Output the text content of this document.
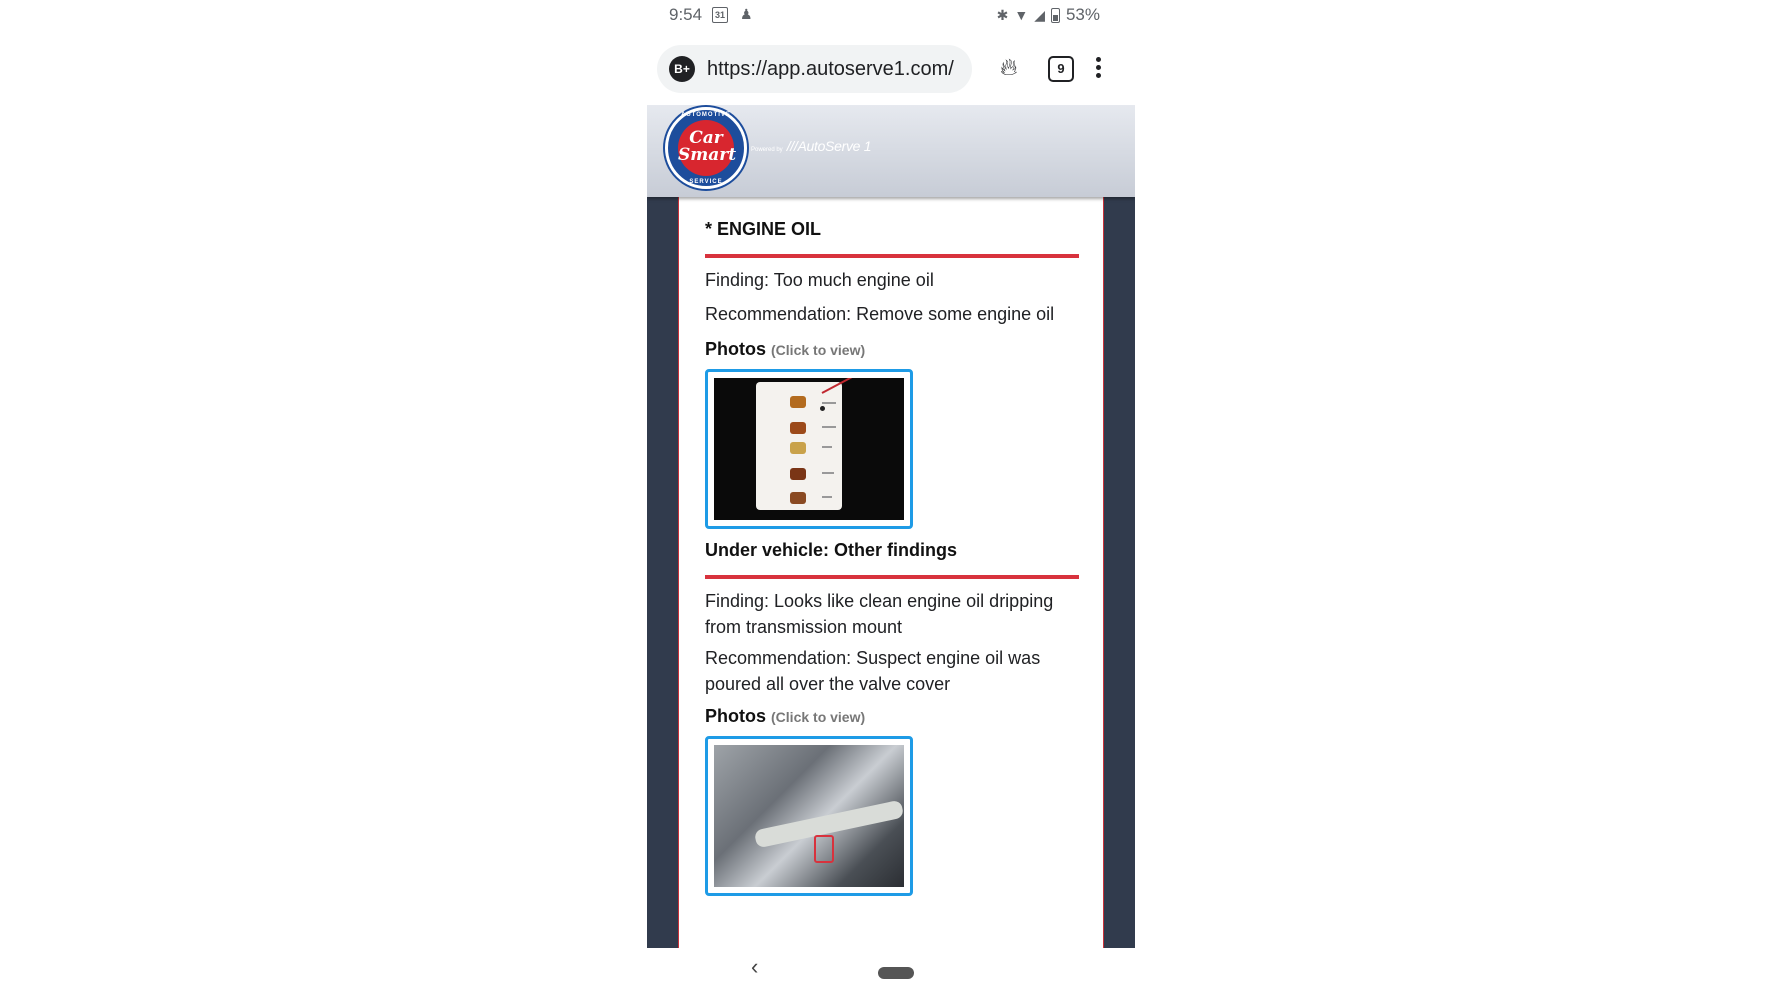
9:54	31 ♟	✱ ▼ ◢ 53%
B+ https://app.autoserve1.com/	🔥︎	9
AUTOMOTIVE
Car
Smart
SERVICE
Powered by ///AutoServe 1
* ENGINE OIL
Finding: Too much engine oil
Recommendation: Remove some engine oil
Photos (Click to view)
Under vehicle: Other findings
Finding: Looks like clean engine oil dripping from transmission mount
Recommendation: Suspect engine oil was poured all over the valve cover
Photos (Click to view)
‹
